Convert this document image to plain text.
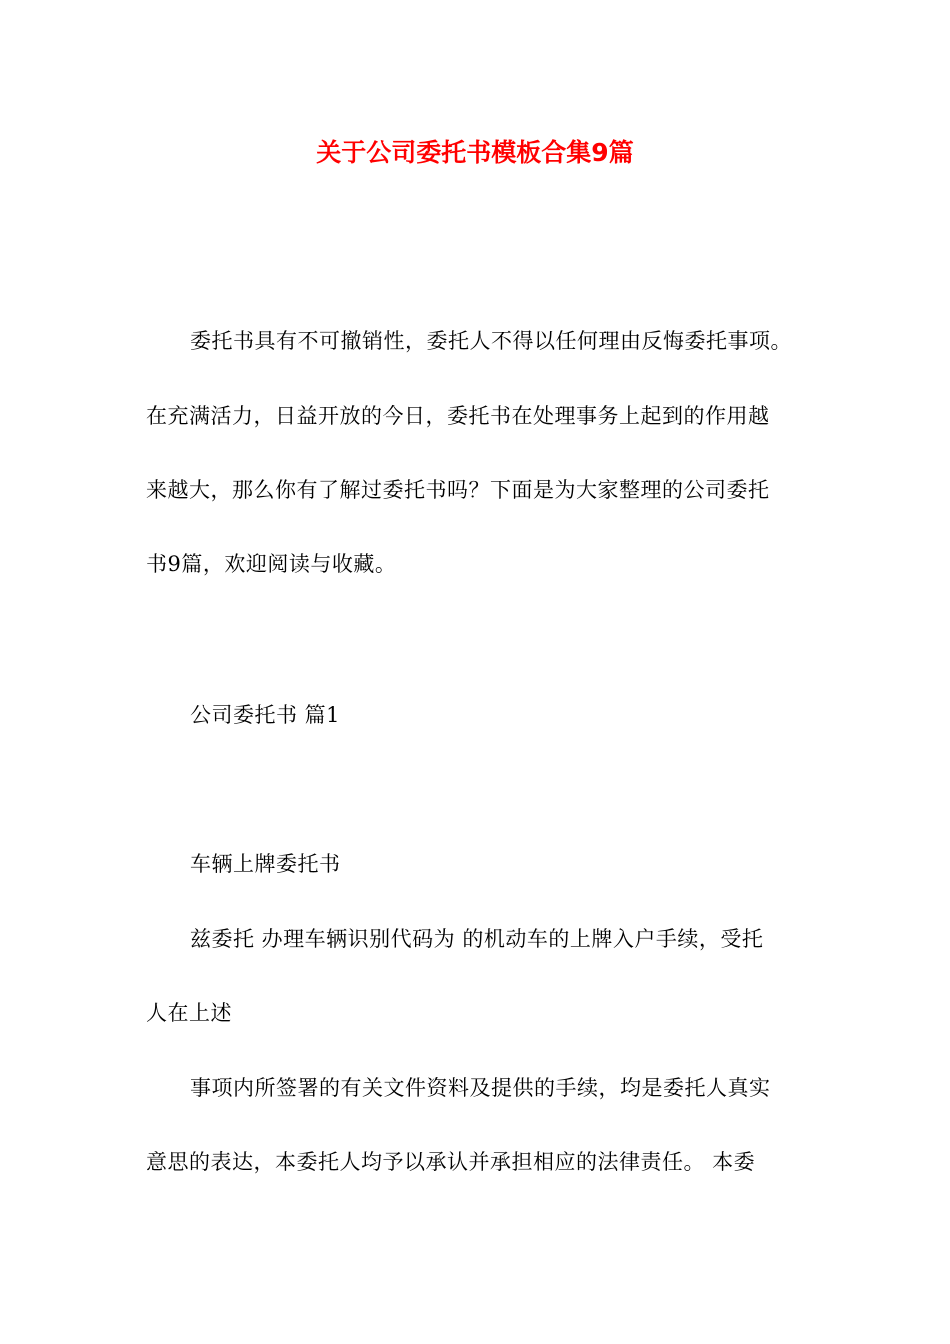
关于公司委托书模板合集9篇
委托书具有不可撤销性，委托人不得以任何理由反悔委托事项。
在充满活力，日益开放的今日，委托书在处理事务上起到的作用越
来越大，那么你有了解过委托书吗？下面是为大家整理的公司委托
书9篇，欢迎阅读与收藏。
公司委托书 篇1
车辆上牌委托书
兹委托 办理车辆识别代码为 的机动车的上牌入户手续，受托
人在上述
事项内所签署的有关文件资料及提供的手续，均是委托人真实
意思的表达，本委托人均予以承认并承担相应的法律责任。 本委
